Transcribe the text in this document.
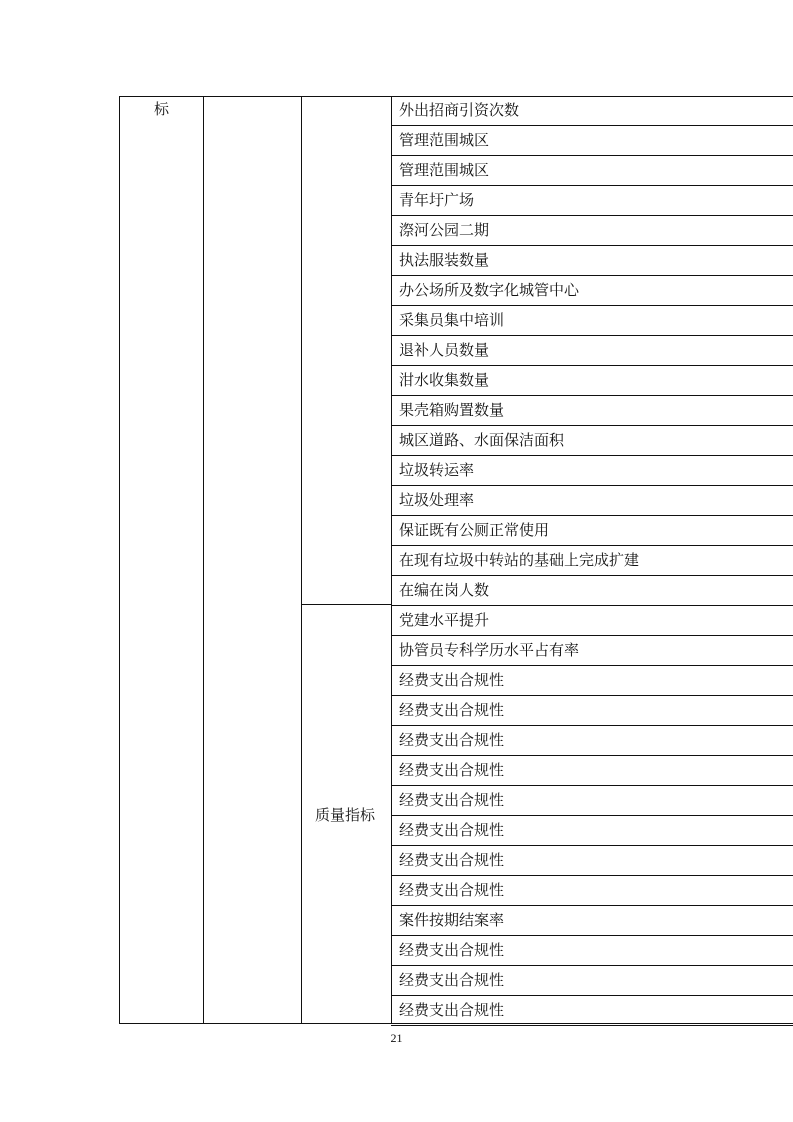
标
质量指标
外出招商引资次数
管理范围城区
管理范围城区
青年圩广场
漈河公园二期
执法服装数量
办公场所及数字化城管中心
采集员集中培训
退补人员数量
泔水收集数量
果壳箱购置数量
城区道路、水面保洁面积
垃圾转运率
垃圾处理率
保证既有公厕正常使用
在现有垃圾中转站的基础上完成扩建
在编在岗人数
党建水平提升
协管员专科学历水平占有率
经费支出合规性
经费支出合规性
经费支出合规性
经费支出合规性
经费支出合规性
经费支出合规性
经费支出合规性
经费支出合规性
案件按期结案率
经费支出合规性
经费支出合规性
经费支出合规性
21
